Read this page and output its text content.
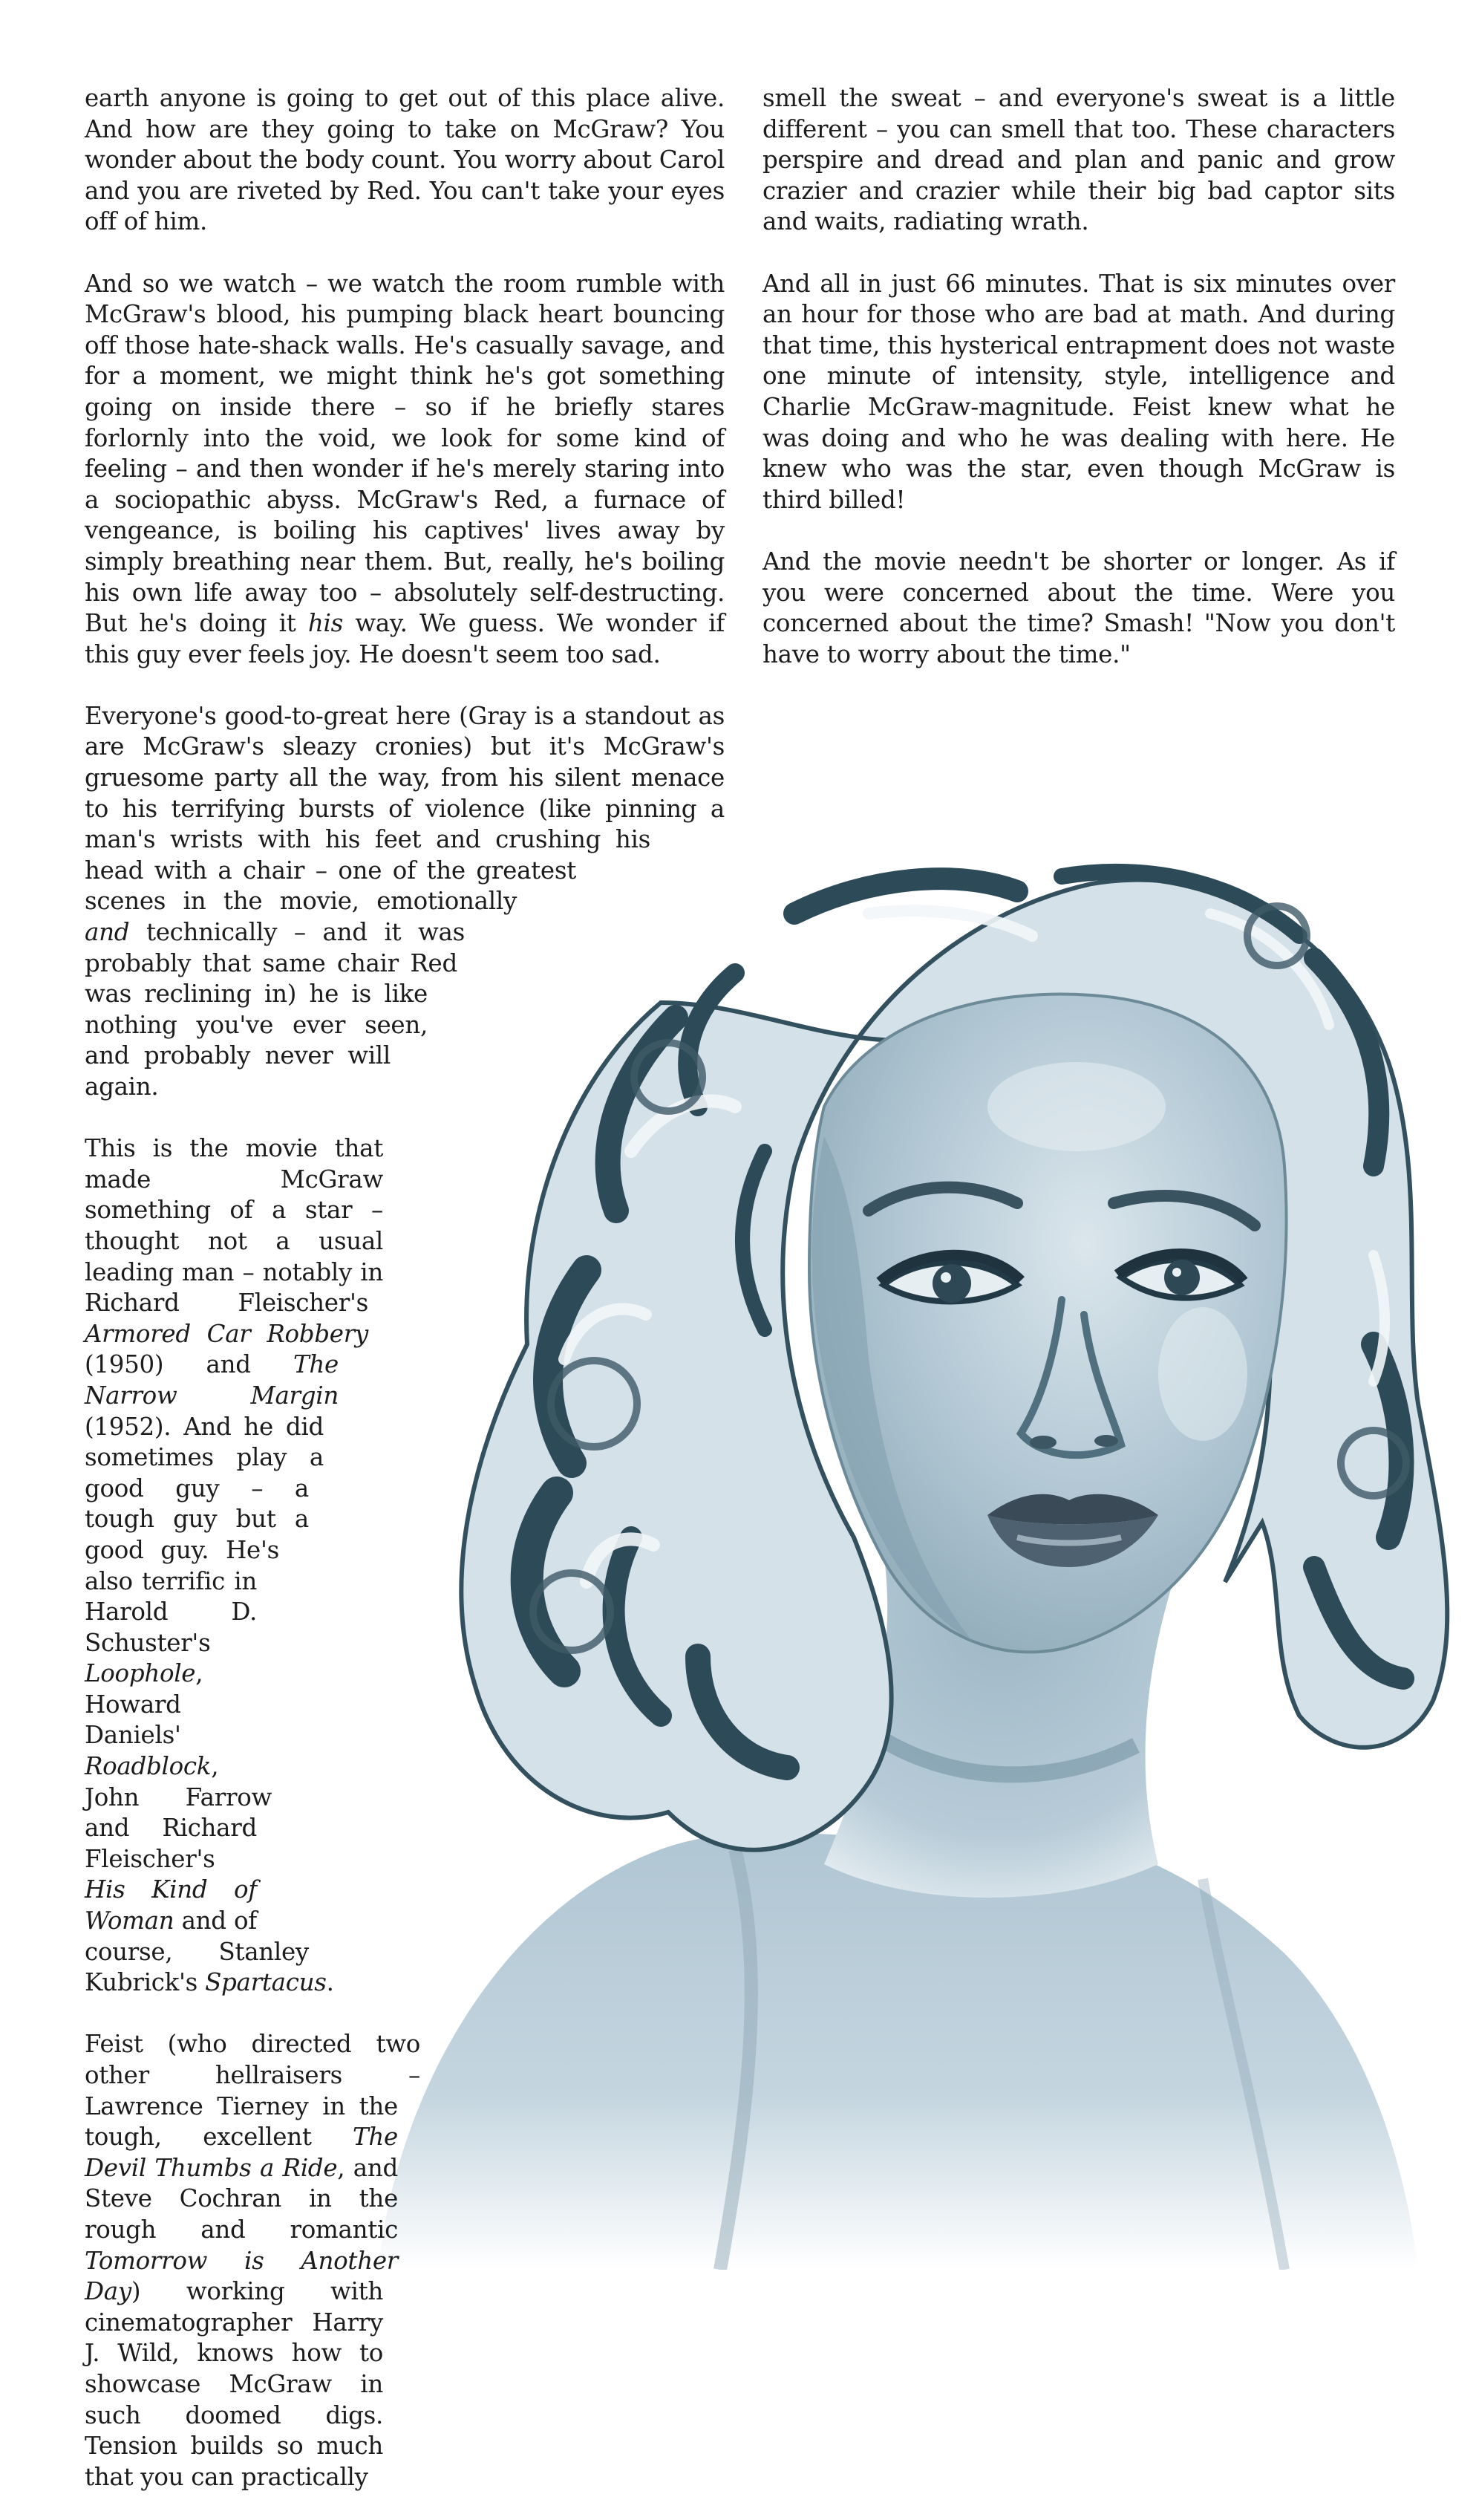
earth anyone is going to get out of this place alive. And how are they going to take on McGraw? You wonder about the body count. You worry about Carol and you are riveted by Red. You can't take your eyes off of him.

And so we watch – we watch the room rumble with McGraw's blood, his pumping black heart bouncing off those hate-shack walls. He's casually savage, and for a moment, we might think he's got something going on inside there – so if he briefly stares forlornly into the void, we look for some kind of feeling – and then wonder if he's merely staring into a sociopathic abyss. McGraw's Red, a furnace of vengeance, is boiling his captives' lives away by simply breathing near them. But, really, he's boiling his own life away too – absolutely self-destructing. But he's doing it his way. We guess. We wonder if this guy ever feels joy. He doesn't seem too sad.

Everyone's good-to-great here (Gray is a standout as are McGraw's sleazy cronies) but it's McGraw's gruesome party all the way, from his silent menace to his terrifying bursts of violence (like pinning a man's wrists with his feet and crushing his head with a chair – one of the greatest scenes in the movie, emotionally and technically – and it was probably that same chair Red was reclining in) he is like nothing you've ever seen, and probably never will again.

This is the movie that made McGraw something of a star – thought not a usual leading man – notably in Richard Fleischer's Armored Car Robbery (1950) and The Narrow Margin (1952). And he did sometimes play a good guy – a tough guy but a good guy. He's also terrific in Harold D. Schuster's Loophole, Howard Daniels' Roadblock, John Farrow and Richard Fleischer's His Kind of Woman and of course, Stanley Kubrick's Spartacus.

Feist (who directed two other hellraisers – Lawrence Tierney in the tough, excellent The Devil Thumbs a Ride, and Steve Cochran in the rough and romantic Tomorrow is Another Day) working with cinematographer Harry J. Wild, knows how to showcase McGraw in such doomed digs. Tension builds so much that you can practically

smell the sweat – and everyone's sweat is a little different – you can smell that too. These characters perspire and dread and plan and panic and grow crazier and crazier while their big bad captor sits and waits, radiating wrath.

And all in just 66 minutes. That is six minutes over an hour for those who are bad at math. And during that time, this hysterical entrapment does not waste one minute of intensity, style, intelligence and Charlie McGraw-magnitude. Feist knew what he was doing and who he was dealing with here. He knew who was the star, even though McGraw is third billed!

And the movie needn't be shorter or longer. As if you were concerned about the time. Were you concerned about the time? Smash! "Now you don't have to worry about the time."
